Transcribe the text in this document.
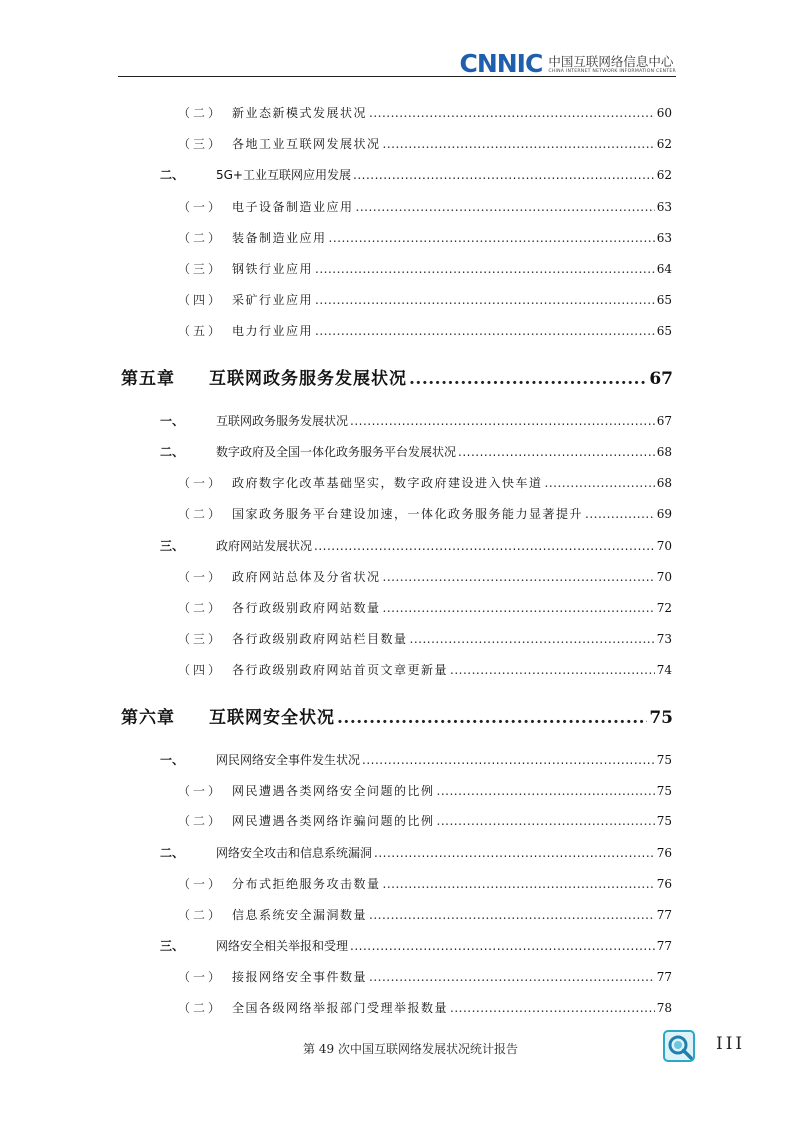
CNNIC 中国互联网络信息中心
CHINA INTERNET NETWORK INFORMATION CENTER
（二） 新业态新模式发展状况 .....	60
（三） 各地工业互联网发展状况 .....	62
二、	5G+工业互联网应用发展 .....	62
（一） 电子设备制造业应用 .....	63
（二） 装备制造业应用 .....	63
（三） 钢铁行业应用 .....	64
（四） 采矿行业应用 .....	65
（五） 电力行业应用 .....	65
第五章	互联网政务服务发展状况 .....	67
一、	互联网政务服务发展状况 .....	67
二、	数字政府及全国一体化政务服务平台发展状况 .....	68
（一） 政府数字化改革基础坚实，数字政府建设进入快车道 .....	68
（二） 国家政务服务平台建设加速，一体化政务服务能力显著提升 .....	69
三、	政府网站发展状况 .....	70
（一） 政府网站总体及分省状况 .....	70
（二） 各行政级别政府网站数量 .....	72
（三） 各行政级别政府网站栏目数量 .....	73
（四） 各行政级别政府网站首页文章更新量 .....	74
第六章	互联网安全状况 .....	75
一、	网民网络安全事件发生状况 .....	75
（一） 网民遭遇各类网络安全问题的比例 .....	75
（二） 网民遭遇各类网络诈骗问题的比例 .....	75
二、	网络安全攻击和信息系统漏洞 .....	76
（一） 分布式拒绝服务攻击数量 .....	76
（二） 信息系统安全漏洞数量 .....	77
三、	网络安全相关举报和受理 .....	77
（一） 接报网络安全事件数量 .....	77
（二） 全国各级网络举报部门受理举报数量 .....	78
第 49 次中国互联网络发展状况统计报告	III
